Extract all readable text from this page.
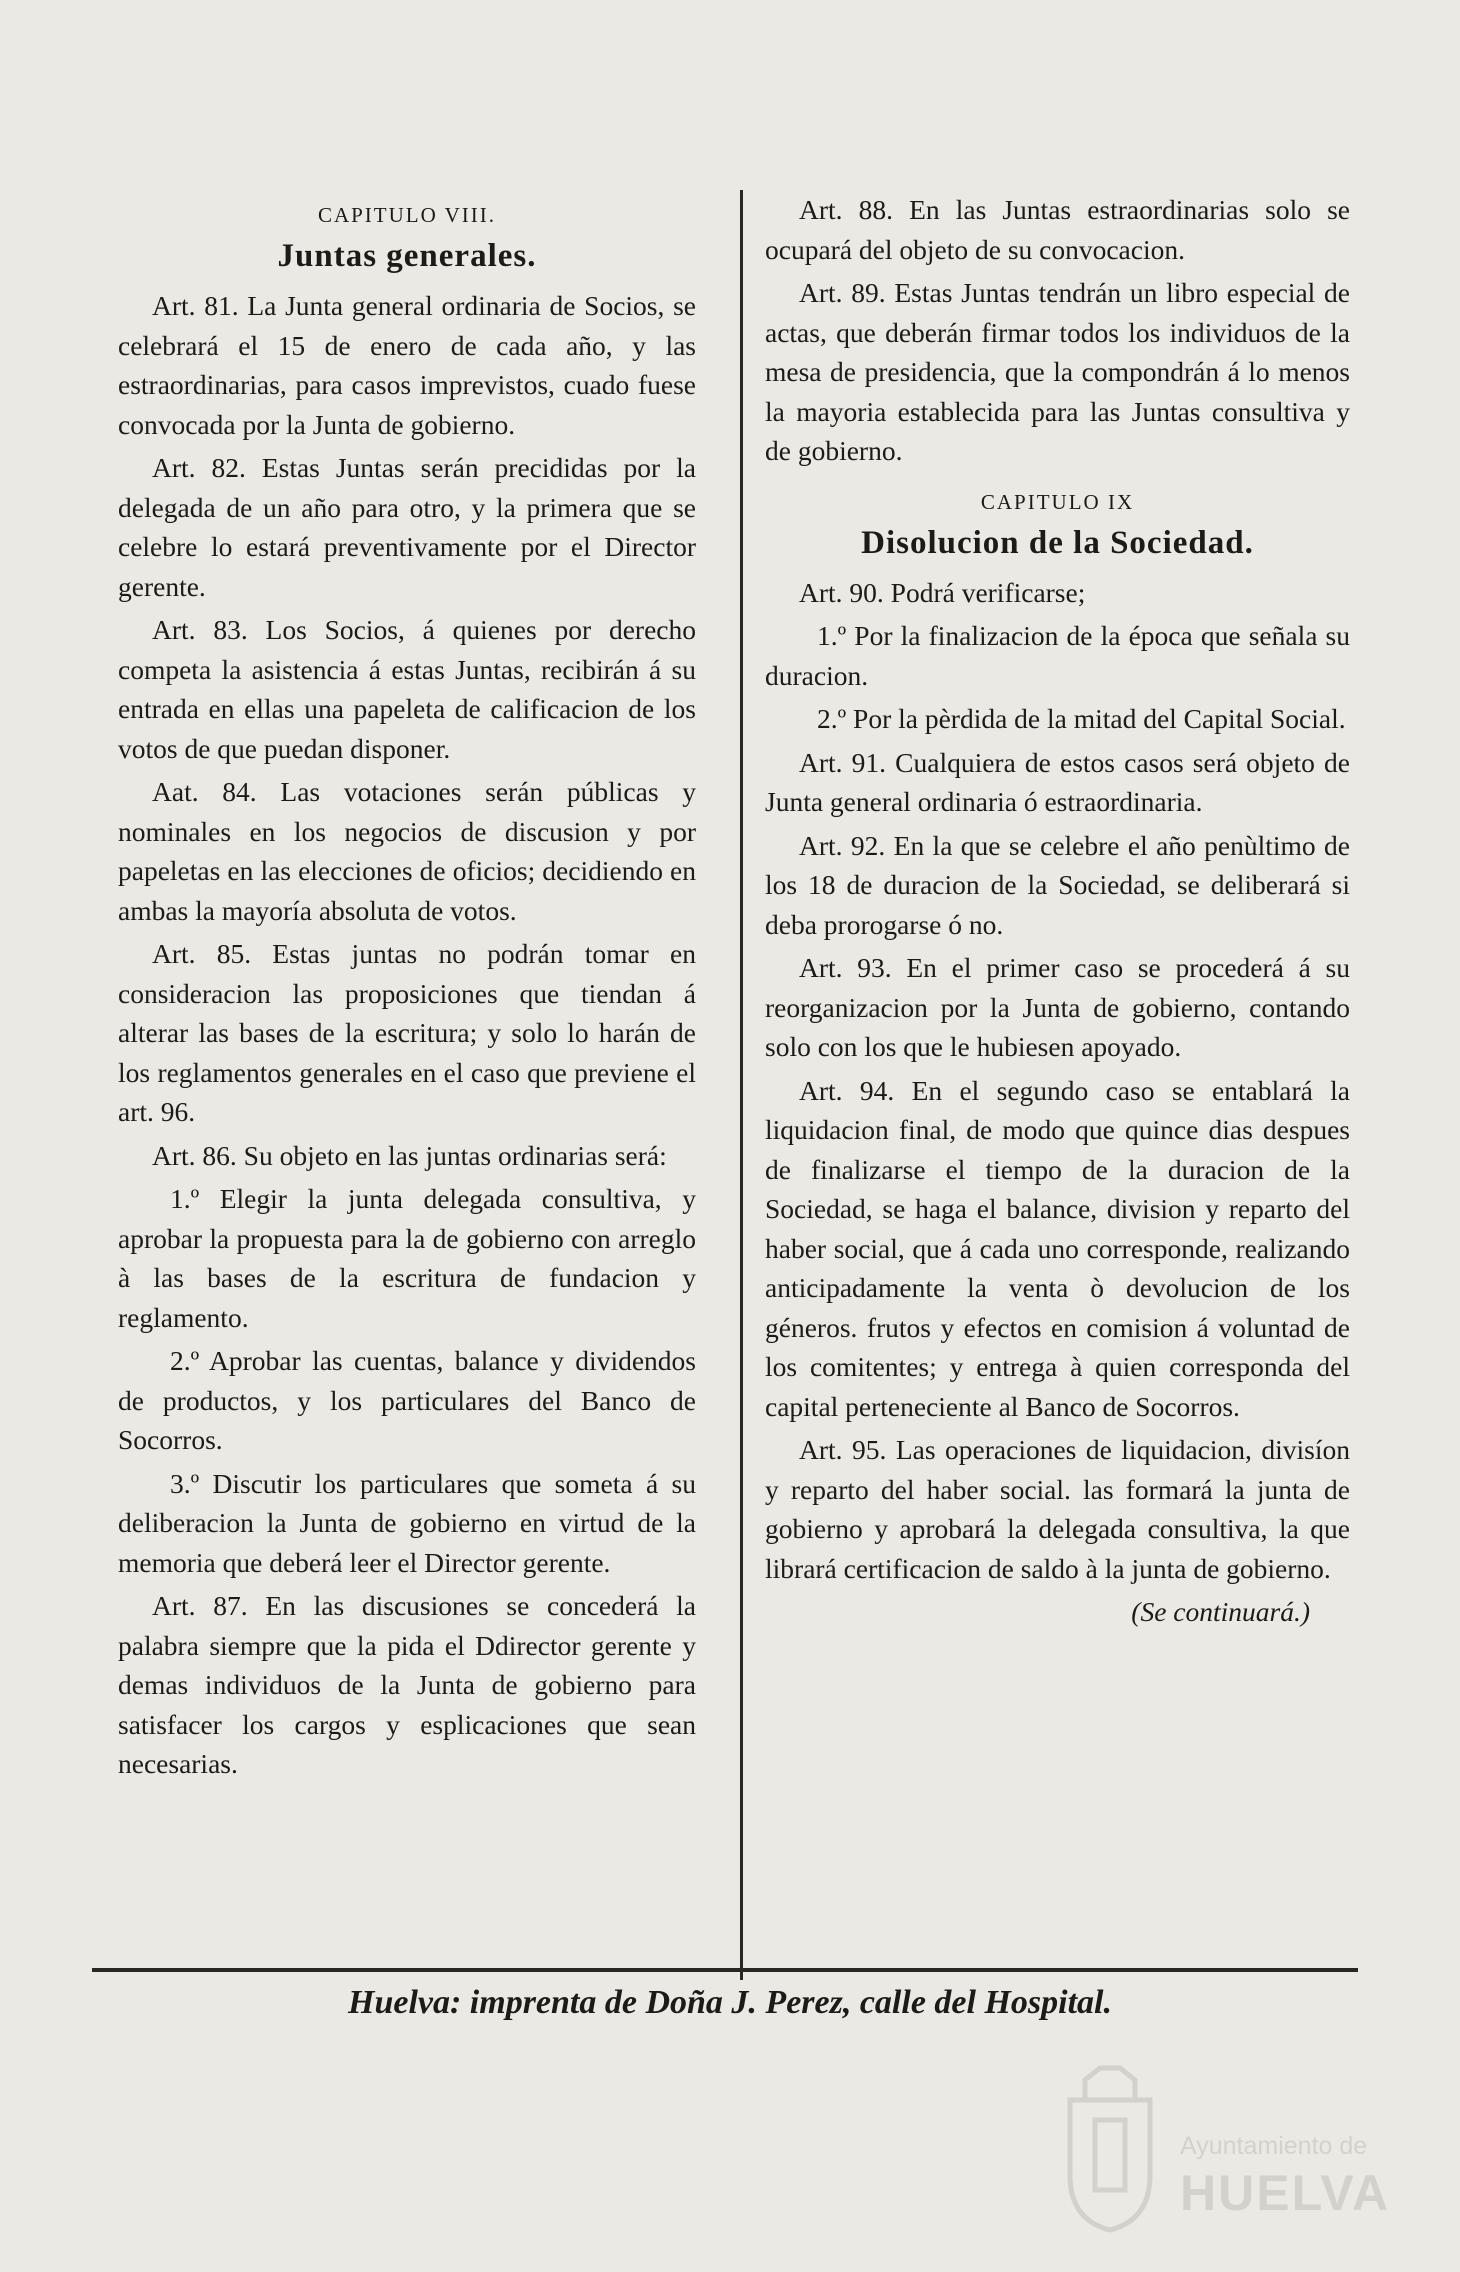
CAPITULO VIII.
Juntas generales.

Art. 81. La Junta general ordinaria de Socios, se celebrará el 15 de enero de cada año, y las estraordinarias, para casos imprevistos, cuado fuese convocada por la Junta de gobierno.

Art. 82. Estas Juntas serán precididas por la delegada de un año para otro, y la primera que se celebre lo estará preventivamente por el Director gerente.

Art. 83. Los Socios, á quienes por derecho competa la asistencia á estas Juntas, recibirán á su entrada en ellas una papeleta de calificacion de los votos de que puedan disponer.

Aat. 84. Las votaciones serán públicas y nominales en los negocios de discusion y por papeletas en las elecciones de oficios; decidiendo en ambas la mayoría absoluta de votos.

Art. 85. Estas juntas no podrán tomar en consideracion las proposiciones que tiendan á alterar las bases de la escritura; y solo lo harán de los reglamentos generales en el caso que previene el art. 96.

Art. 86. Su objeto en las juntas ordinarias será:

1.º Elegir la junta delegada consultiva, y aprobar la propuesta para la de gobierno con arreglo à las bases de la escritura de fundacion y reglamento.

2.º Aprobar las cuentas, balance y dividendos de productos, y los particulares del Banco de Socorros.

3.º Discutir los particulares que someta á su deliberacion la Junta de gobierno en virtud de la memoria que deberá leer el Director gerente.

Art. 87. En las discusiones se concederá la palabra siempre que la pida el Ddirector gerente y demas individuos de la Junta de gobierno para satisfacer los cargos y esplicaciones que sean necesarias.

Art. 88. En las Juntas estraordinarias solo se ocupará del objeto de su convocacion.

Art. 89. Estas Juntas tendrán un libro especial de actas, que deberán firmar todos los individuos de la mesa de presidencia, que la compondrán á lo menos la mayoria establecida para las Juntas consultiva y de gobierno.

CAPITULO IX
Disolucion de la Sociedad.

Art. 90. Podrá verificarse;

1.º Por la finalizacion de la época que señala su duracion.

2.º Por la pèrdida de la mitad del Capital Social.

Art. 91. Cualquiera de estos casos será objeto de Junta general ordinaria ó estraordinaria.

Art. 92. En la que se celebre el año penùltimo de los 18 de duracion de la Sociedad, se deliberará si deba prorogarse ó no.

Art. 93. En el primer caso se procederá á su reorganizacion por la Junta de gobierno, contando solo con los que le hubiesen apoyado.

Art. 94. En el segundo caso se entablará la liquidacion final, de modo que quince dias despues de finalizarse el tiempo de la duracion de la Sociedad, se haga el balance, division y reparto del haber social, que á cada uno corresponde, realizando anticipadamente la venta ò devolucion de los géneros. frutos y efectos en comision á voluntad de los comitentes; y entrega à quien corresponda del capital perteneciente al Banco de Socorros.

Art. 95. Las operaciones de liquidacion, divisíon y reparto del haber social. las formará la junta de gobierno y aprobará la delegada consultiva, la que librará certificacion de saldo à la junta de gobierno.

(Se continuará.)
Huelva: imprenta de Doña J. Perez, calle del Hospital.
Ayuntamiento de
HUELVA
